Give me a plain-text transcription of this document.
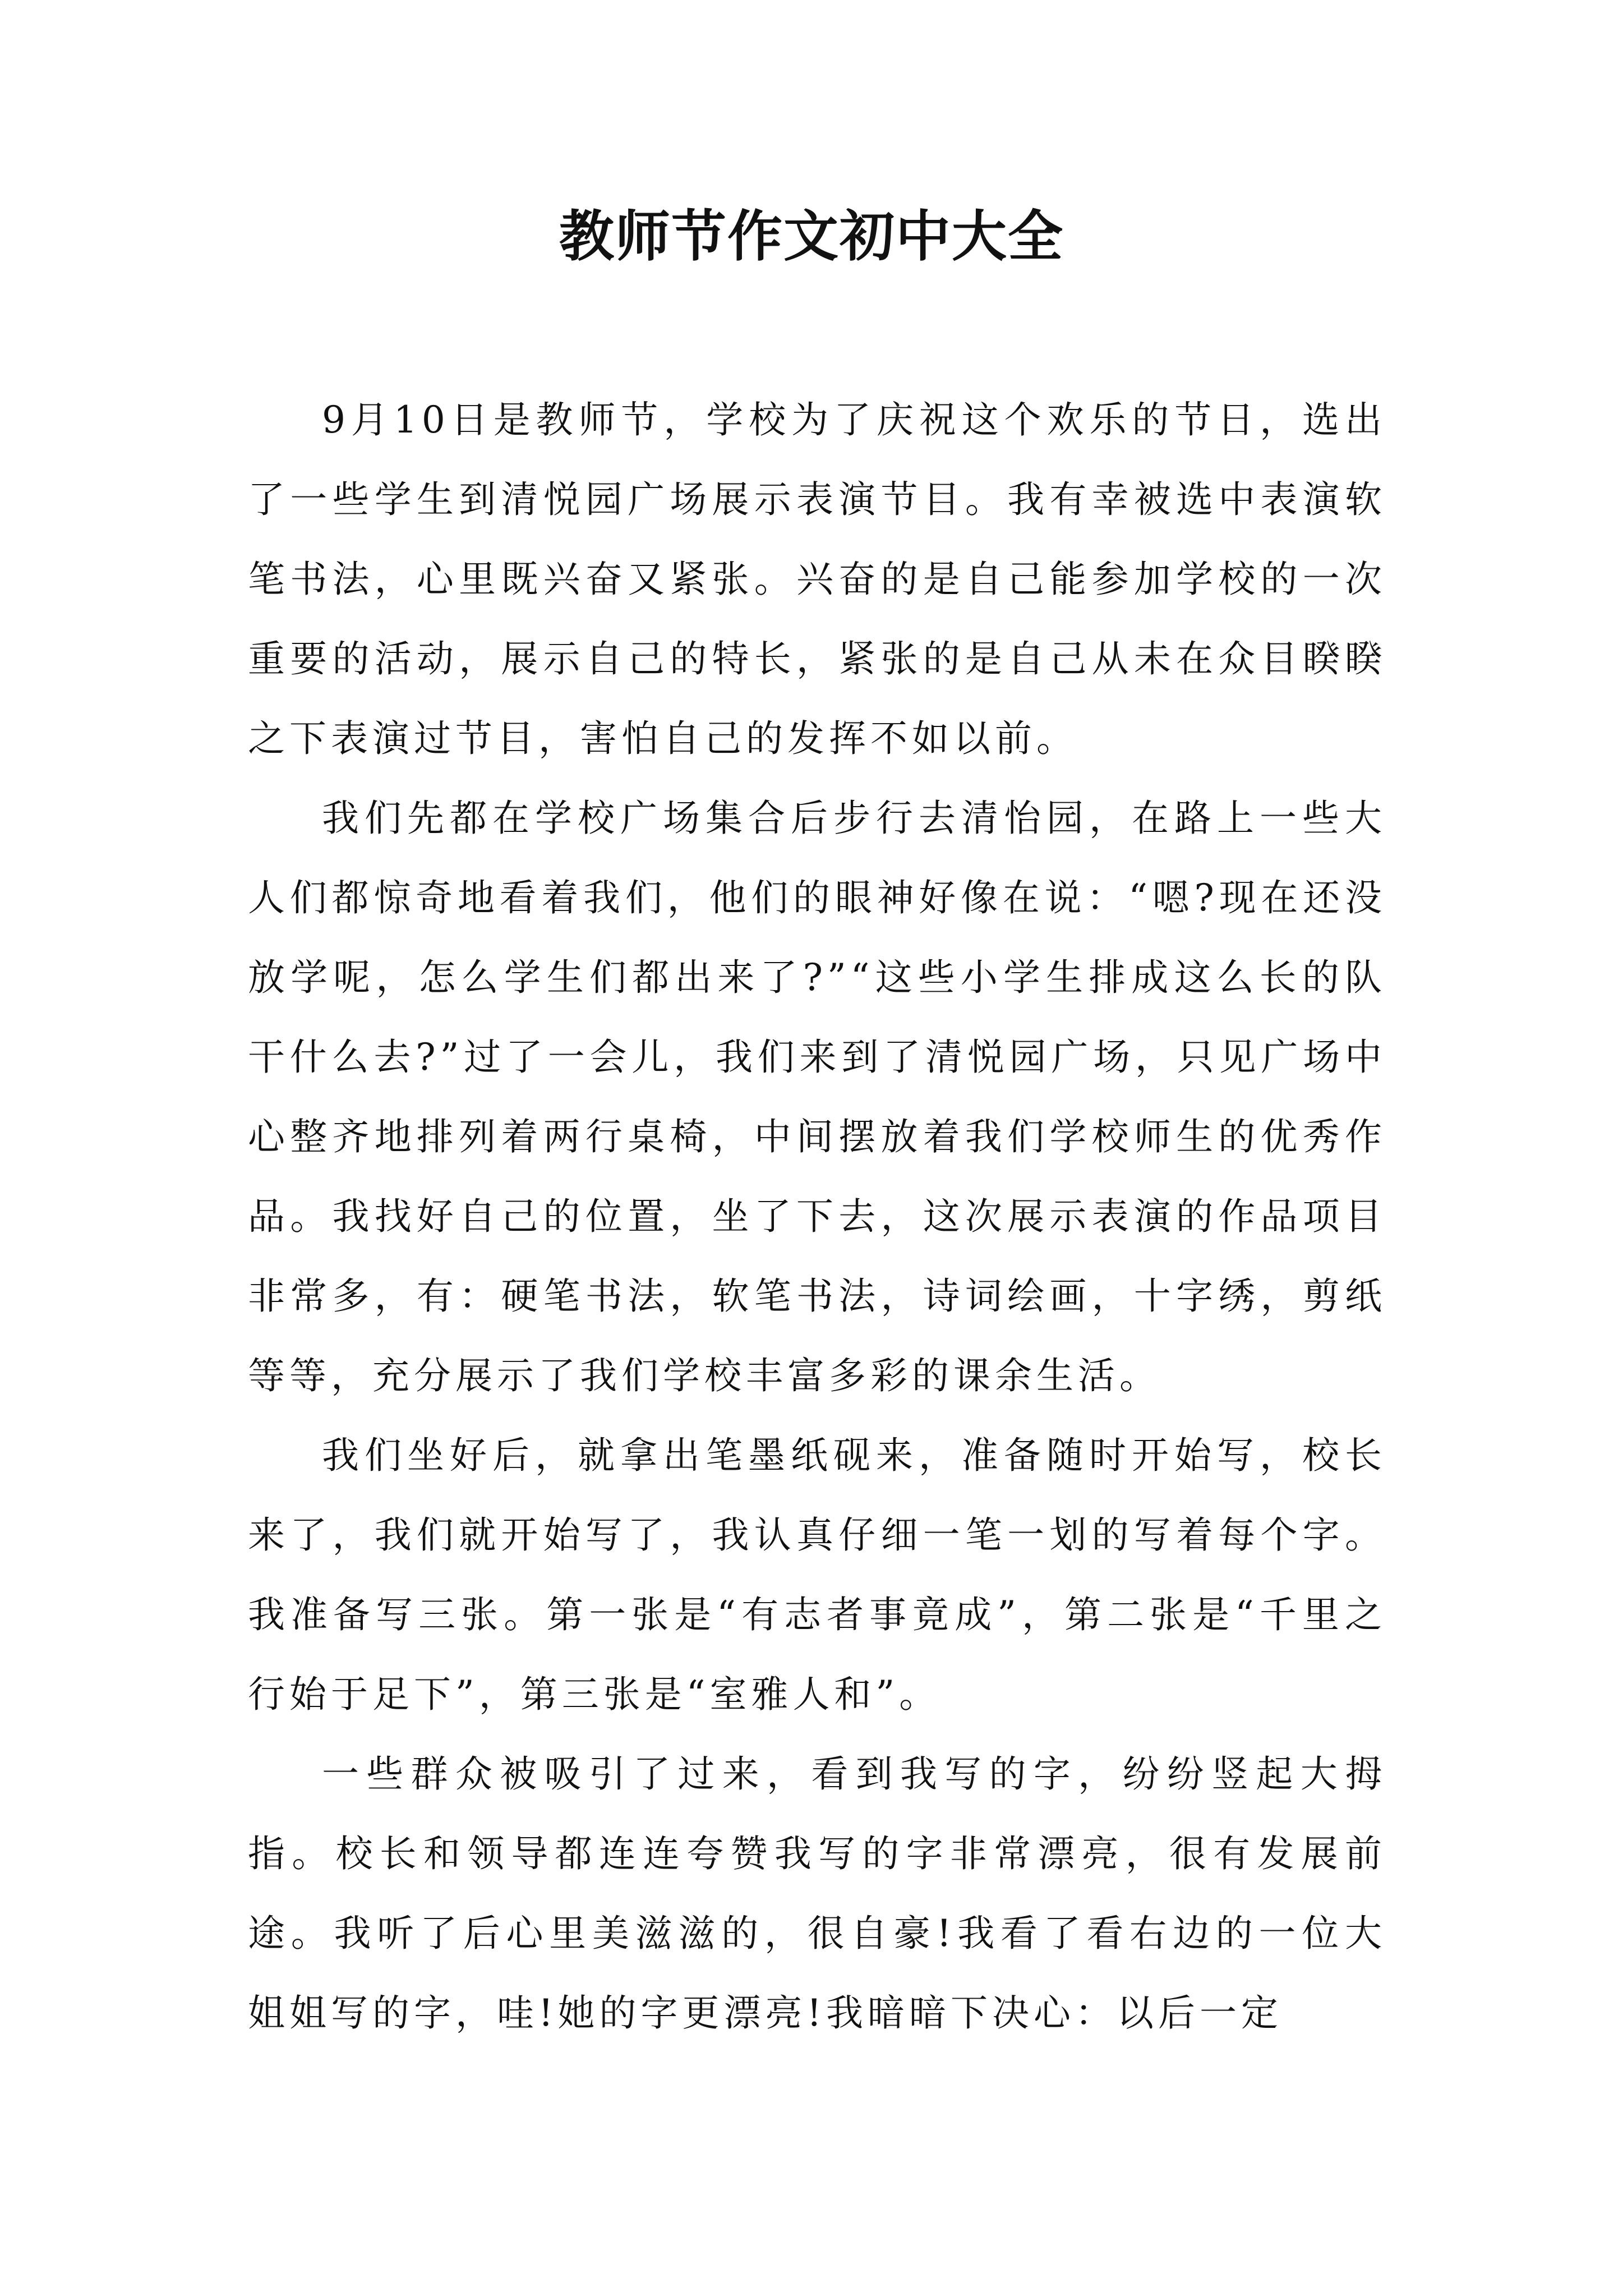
教师节作文初中大全

9月10日是教师节，学校为了庆祝这个欢乐的节日，选出了一些学生到清悦园广场展示表演节目。我有幸被选中表演软笔书法，心里既兴奋又紧张。兴奋的是自己能参加学校的一次重要的活动，展示自己的特长，紧张的是自己从未在众目睽睽之下表演过节目，害怕自己的发挥不如以前。

我们先都在学校广场集合后步行去清怡园，在路上一些大人们都惊奇地看着我们，他们的眼神好像在说：“嗯?现在还没放学呢，怎么学生们都出来了?”“这些小学生排成这么长的队干什么去?”过了一会儿，我们来到了清悦园广场，只见广场中心整齐地排列着两行桌椅，中间摆放着我们学校师生的优秀作品。我找好自己的位置，坐了下去，这次展示表演的作品项目非常多，有：硬笔书法，软笔书法，诗词绘画，十字绣，剪纸等等，充分展示了我们学校丰富多彩的课余生活。

我们坐好后，就拿出笔墨纸砚来，准备随时开始写，校长来了，我们就开始写了，我认真仔细一笔一划的写着每个字。我准备写三张。第一张是“有志者事竟成”，第二张是“千里之行始于足下”，第三张是“室雅人和”。

一些群众被吸引了过来，看到我写的字，纷纷竖起大拇指。校长和领导都连连夸赞我写的字非常漂亮，很有发展前途。我听了后心里美滋滋的，很自豪!我看了看右边的一位大姐姐写的字，哇!她的字更漂亮!我暗暗下决心：以后一定
